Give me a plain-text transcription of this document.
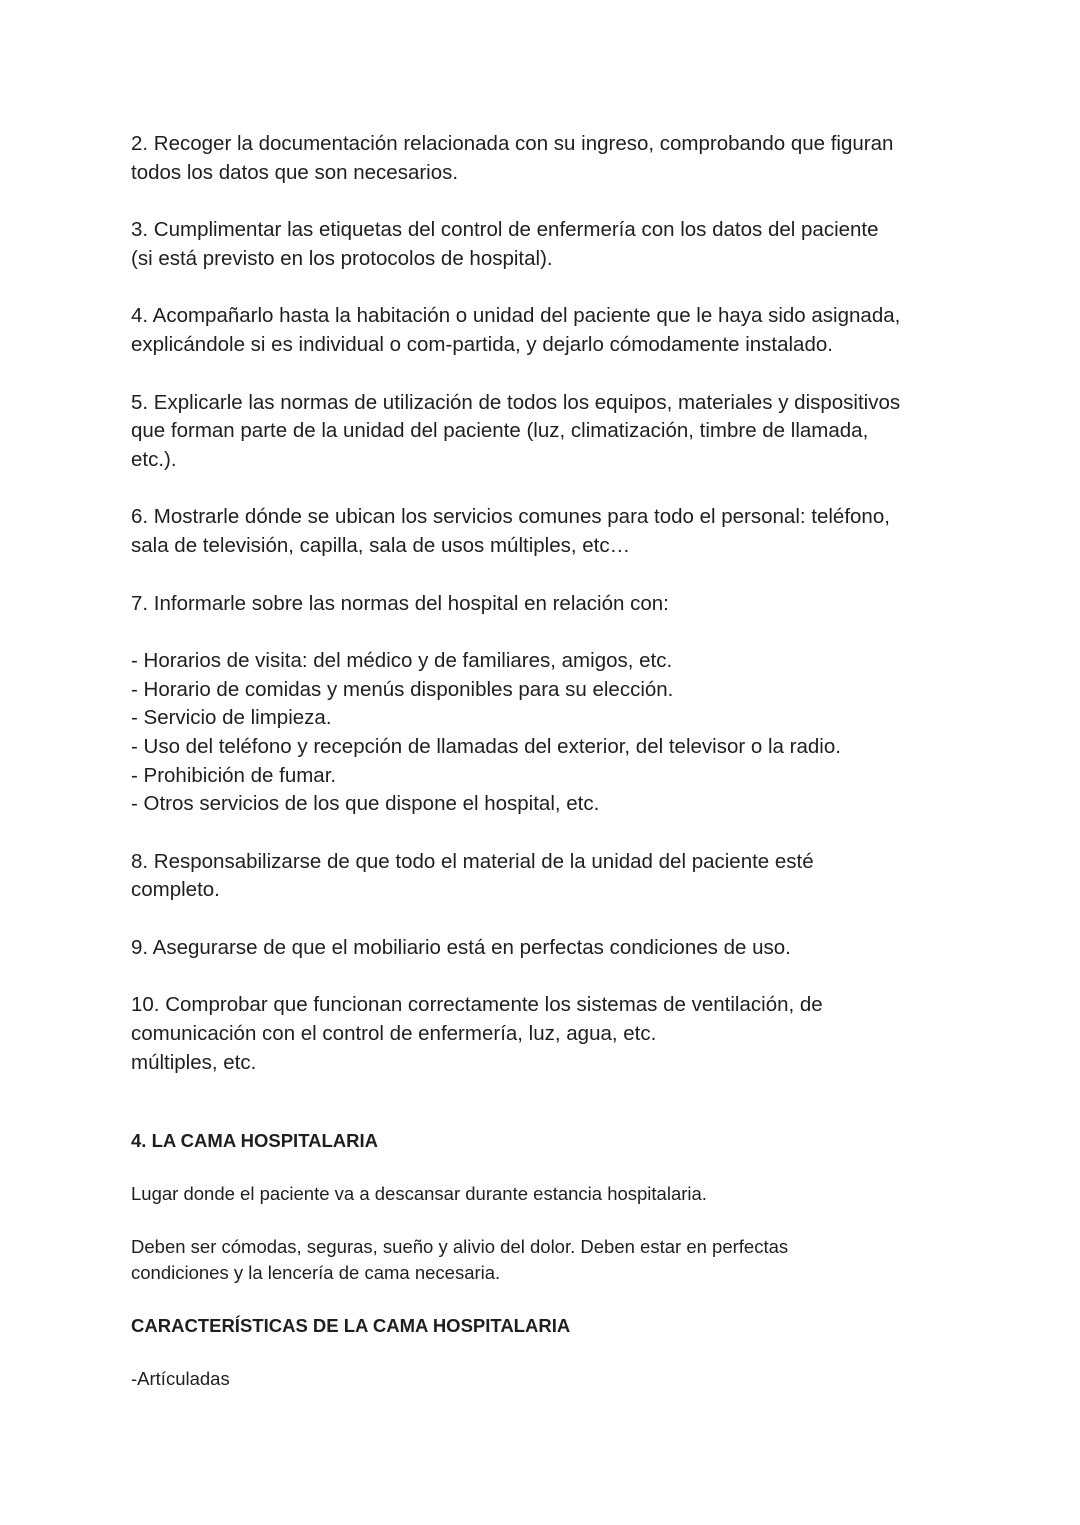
2. Recoger la documentación relacionada con su ingreso, comprobando que figuran
todos los datos que son necesarios.

3. Cumplimentar las etiquetas del control de enfermería con los datos del paciente
(si está previsto en los protocolos de hospital).

4. Acompañarlo hasta la habitación o unidad del paciente que le haya sido asignada,
explicándole si es individual o com-partida, y dejarlo cómodamente instalado.

5. Explicarle las normas de utilización de todos los equipos, materiales y dispositivos
que forman parte de la unidad del paciente (luz, climatización, timbre de llamada,
etc.).

6. Mostrarle dónde se ubican los servicios comunes para todo el personal: teléfono,
sala de televisión, capilla, sala de usos múltiples, etc…

7. Informarle sobre las normas del hospital en relación con:

- Horarios de visita: del médico y de familiares, amigos, etc.
- Horario de comidas y menús disponibles para su elección.
- Servicio de limpieza.
- Uso del teléfono y recepción de llamadas del exterior, del televisor o la radio.
- Prohibición de fumar.
- Otros servicios de los que dispone el hospital, etc.

8. Responsabilizarse de que todo el material de la unidad del paciente esté
completo.

9. Asegurarse de que el mobiliario está en perfectas condiciones de uso.

10. Comprobar que funcionan correctamente los sistemas de ventilación, de
comunicación con el control de enfermería, luz, agua, etc.
múltiples, etc.

4. LA CAMA HOSPITALARIA

Lugar donde el paciente va a descansar durante estancia hospitalaria.

Deben ser cómodas, seguras, sueño y alivio del dolor. Deben estar en perfectas
condiciones y la lencería de cama necesaria.

CARACTERÍSTICAS DE LA CAMA HOSPITALARIA

-Artículadas
